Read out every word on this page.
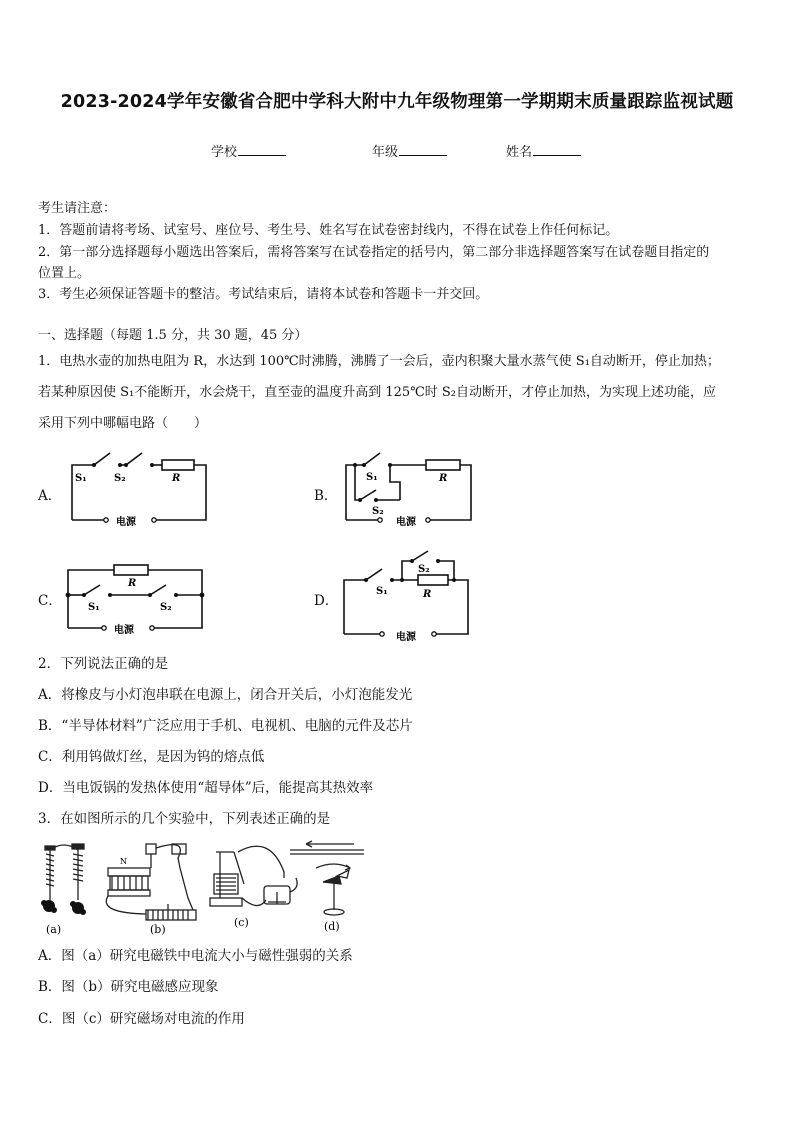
2023-2024学年安徽省合肥中学科大附中九年级物理第一学期期末质量跟踪监视试题
学校	年级	姓名
考生请注意：
1．答题前请将考场、试室号、座位号、考生号、姓名写在试卷密封线内，不得在试卷上作任何标记。
2．第一部分选择题每小题选出答案后，需将答案写在试卷指定的括号内，第二部分非选择题答案写在试卷题目指定的
位置上。
3．考生必须保证答题卡的整洁。考试结束后，请将本试卷和答题卡一并交回。
一、选择题（每题 1.5 分，共 30 题，45 分）
1．电热水壶的加热电阻为 R，水达到 100℃时沸腾，沸腾了一会后，壶内积聚大量水蒸气使 S₁自动断开，停止加热；
若某种原因使 S₁不能断开，水会烧干，直至壶的温度升高到 125℃时 S₂自动断开，才停止加热，为实现上述功能，应
采用下列中哪幅电路（　　）
A．	B．
C．	D．
S₁	S₂	R
电源
S₁
S₂
R
电源
R
S₁	S₂
电源
S₁
S₂
R
电源
2．下列说法正确的是
A．将橡皮与小灯泡串联在电源上，闭合开关后，小灯泡能发光
B．“半导体材料”广泛应用于手机、电视机、电脑的元件及芯片
C．利用钨做灯丝，是因为钨的熔点低
D．当电饭锅的发热体使用“超导体”后，能提高其热效率
3．在如图所示的几个实验中，下列表述正确的是
N
(a)	(b)
(c)	(d)
A．图（a）研究电磁铁中电流大小与磁性强弱的关系
B．图（b）研究电磁感应现象
C．图（c）研究磁场对电流的作用
